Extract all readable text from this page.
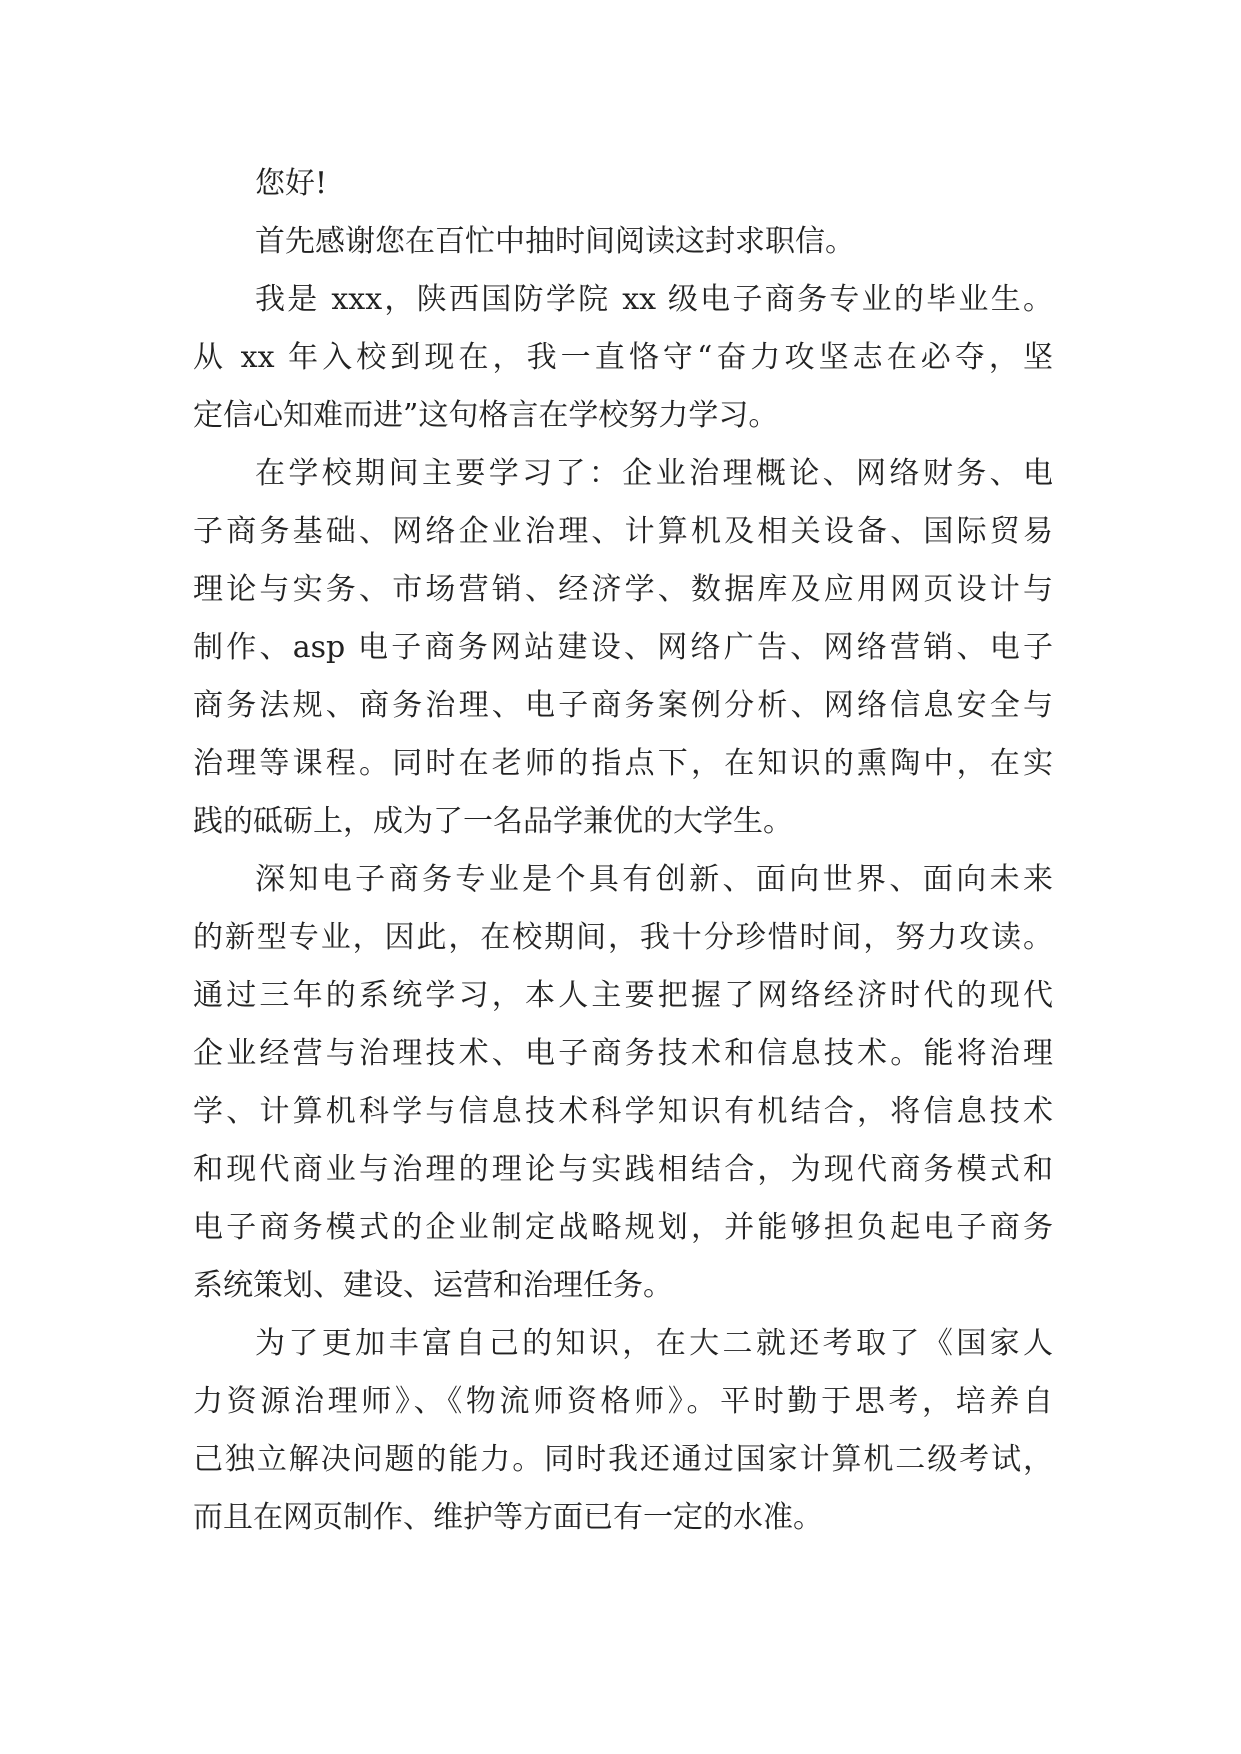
您好!
首先感谢您在百忙中抽时间阅读这封求职信。
我是 xxx，陕西国防学院 xx 级电子商务专业的毕业生。
从 xx 年入校到现在，我一直恪守“奋力攻坚志在必夺，坚
定信心知难而进”这句格言在学校努力学习。
在学校期间主要学习了：企业治理概论、网络财务、电
子商务基础、网络企业治理、计算机及相关设备、国际贸易
理论与实务、市场营销、经济学、数据库及应用网页设计与
制作、asp 电子商务网站建设、网络广告、网络营销、电子
商务法规、商务治理、电子商务案例分析、网络信息安全与
治理等课程。同时在老师的指点下，在知识的熏陶中，在实
践的砥砺上，成为了一名品学兼优的大学生。
深知电子商务专业是个具有创新、面向世界、面向未来
的新型专业，因此，在校期间，我十分珍惜时间，努力攻读。
通过三年的系统学习，本人主要把握了网络经济时代的现代
企业经营与治理技术、电子商务技术和信息技术。能将治理
学、计算机科学与信息技术科学知识有机结合，将信息技术
和现代商业与治理的理论与实践相结合，为现代商务模式和
电子商务模式的企业制定战略规划，并能够担负起电子商务
系统策划、建设、运营和治理任务。
为了更加丰富自己的知识，在大二就还考取了《国家人
力资源治理师》、《物流师资格师》。平时勤于思考，培养自
己独立解决问题的能力。同时我还通过国家计算机二级考试，
而且在网页制作、维护等方面已有一定的水准。
